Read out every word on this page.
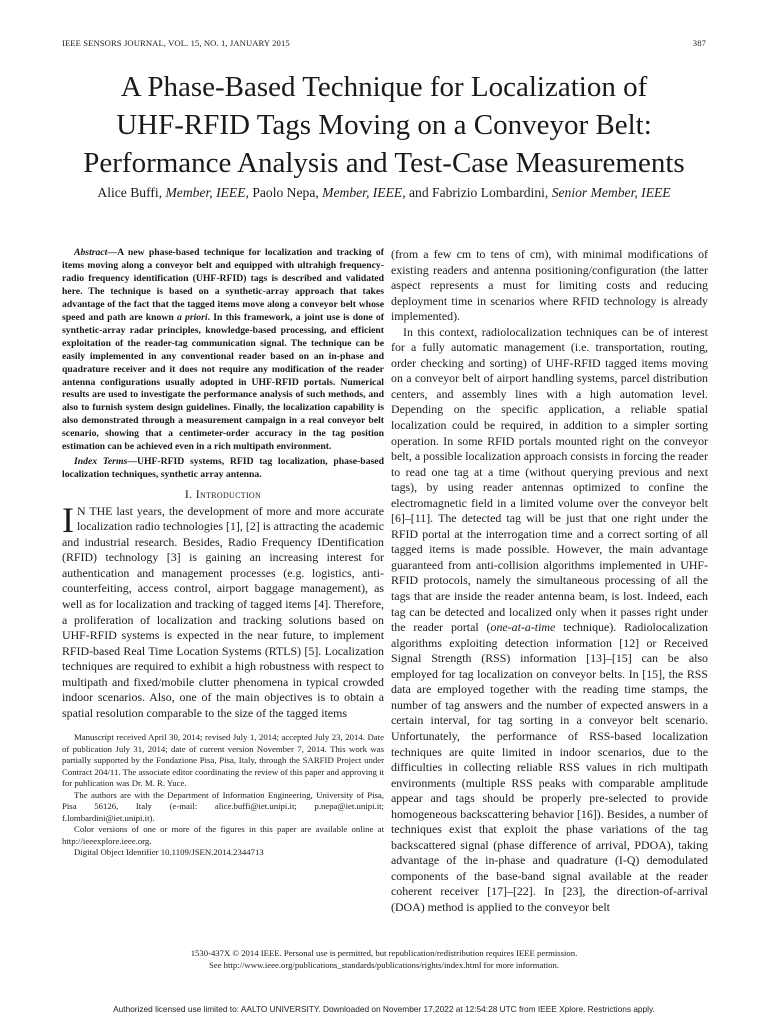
IEEE SENSORS JOURNAL, VOL. 15, NO. 1, JANUARY 2015	387
A Phase-Based Technique for Localization of
UHF-RFID Tags Moving on a Conveyor Belt:
Performance Analysis and Test-Case Measurements
Alice Buffi, Member, IEEE, Paolo Nepa, Member, IEEE, and Fabrizio Lombardini, Senior Member, IEEE

Abstract—A new phase-based technique for localization and tracking of items moving along a conveyor belt and equipped with ultrahigh frequency-radio frequency identification (UHF-RFID) tags is described and validated here. The technique is based on a synthetic-array approach that takes advantage of the fact that the tagged items move along a conveyor belt whose speed and path are known a priori. In this framework, a joint use is done of synthetic-array radar principles, knowledge-based processing, and efficient exploitation of the reader-tag communication signal. The technique can be easily implemented in any conventional reader based on an in-phase and quadrature receiver and it does not require any modification of the reader antenna configurations usually adopted in UHF-RFID portals. Numerical results are used to investigate the performance analysis of such methods, and also to furnish system design guidelines. Finally, the localization capability is also demonstrated through a measurement campaign in a real conveyor belt scenario, showing that a centimeter-order accuracy in the tag position estimation can be achieved even in a rich multipath environment.

Index Terms—UHF-RFID systems, RFID tag localization, phase-based localization techniques, synthetic array antenna.

I. Introduction

I N THE last years, the development of more and more accurate localization radio technologies [1], [2] is attracting the academic and industrial research. Besides, Radio Frequency IDentification (RFID) technology [3] is gaining an increasing interest for authentication and management processes (e.g. logistics, anti-counterfeiting, access control, airport baggage management), as well as for localization and tracking of tagged items [4]. Therefore, a proliferation of localization and tracking solutions based on UHF-RFID systems is expected in the near future, to implement RFID-based Real Time Location Systems (RTLS) [5]. Localization techniques are required to exhibit a high robustness with respect to multipath and fixed/mobile clutter phenomena in typical crowded indoor scenarios. Also, one of the main objectives is to obtain a spatial resolution comparable to the size of the tagged items

Manuscript received April 30, 2014; revised July 1, 2014; accepted July 23, 2014. Date of publication July 31, 2014; date of current version November 7, 2014. This work was partially supported by the Fondazione Pisa, Pisa, Italy, through the SARFID Project under Contract 204/11. The associate editor coordinating the review of this paper and approving it for publication was Dr. M. R. Yuce.

The authors are with the Department of Information Engineering, University of Pisa, Pisa 56126, Italy (e-mail: alice.buffi@iet.unipi.it; p.nepa@iet.unipi.it; f.lombardini@iet.unipi.it).

Color versions of one or more of the figures in this paper are available online at http://ieeexplore.ieee.org.

Digital Object Identifier 10.1109/JSEN.2014.2344713

(from a few cm to tens of cm), with minimal modifications of existing readers and antenna positioning/configuration (the latter aspect represents a must for limiting costs and reducing deployment time in scenarios where RFID technology is already implemented).

In this context, radiolocalization techniques can be of interest for a fully automatic management (i.e. transportation, routing, order checking and sorting) of UHF-RFID tagged items moving on a conveyor belt of airport handling systems, parcel distribution centers, and assembly lines with a high automation level. Depending on the specific application, a reliable spatial localization could be required, in addition to a simpler sorting operation. In some RFID portals mounted right on the conveyor belt, a possible localization approach consists in forcing the reader to read one tag at a time (without querying previous and next tags), by using reader antennas optimized to confine the electromagnetic field in a limited volume over the conveyor belt [6]–[11]. The detected tag will be just that one right under the RFID portal at the interrogation time and a correct sorting of all tagged items is made possible. However, the main advantage guaranteed from anti-collision algorithms implemented in UHF-RFID protocols, namely the simultaneous processing of all the tags that are inside the reader antenna beam, is lost. Indeed, each tag can be detected and localized only when it passes right under the reader portal (one-at-a-time technique). Radiolocalization algorithms exploiting detection information [12] or Received Signal Strength (RSS) information [13]–[15] can be also employed for tag localization on conveyor belts. In [15], the RSS data are employed together with the reading time stamps, the number of tag answers and the number of expected answers in a certain interval, for tag sorting in a conveyor belt scenario. Unfortunately, the performance of RSS-based localization techniques are quite limited in indoor scenarios, due to the difficulties in collecting reliable RSS values in rich multipath environments (multiple RSS peaks with comparable amplitude appear and tags should be properly pre-selected to provide homogeneous backscattering behavior [16]). Besides, a number of techniques exist that exploit the phase variations of the tag backscattered signal (phase difference of arrival, PDOA), taking advantage of the in-phase and quadrature (I-Q) demodulated components of the base-band signal available at the reader coherent receiver [17]–[22]. In [23], the direction-of-arrival (DOA) method is applied to the conveyor belt

1530-437X © 2014 IEEE. Personal use is permitted, but republication/redistribution requires IEEE permission.
See http://www.ieee.org/publications_standards/publications/rights/index.html for more information.
Authorized licensed use limited to: AALTO UNIVERSITY. Downloaded on November 17,2022 at 12:54:28 UTC from IEEE Xplore. Restrictions apply.
